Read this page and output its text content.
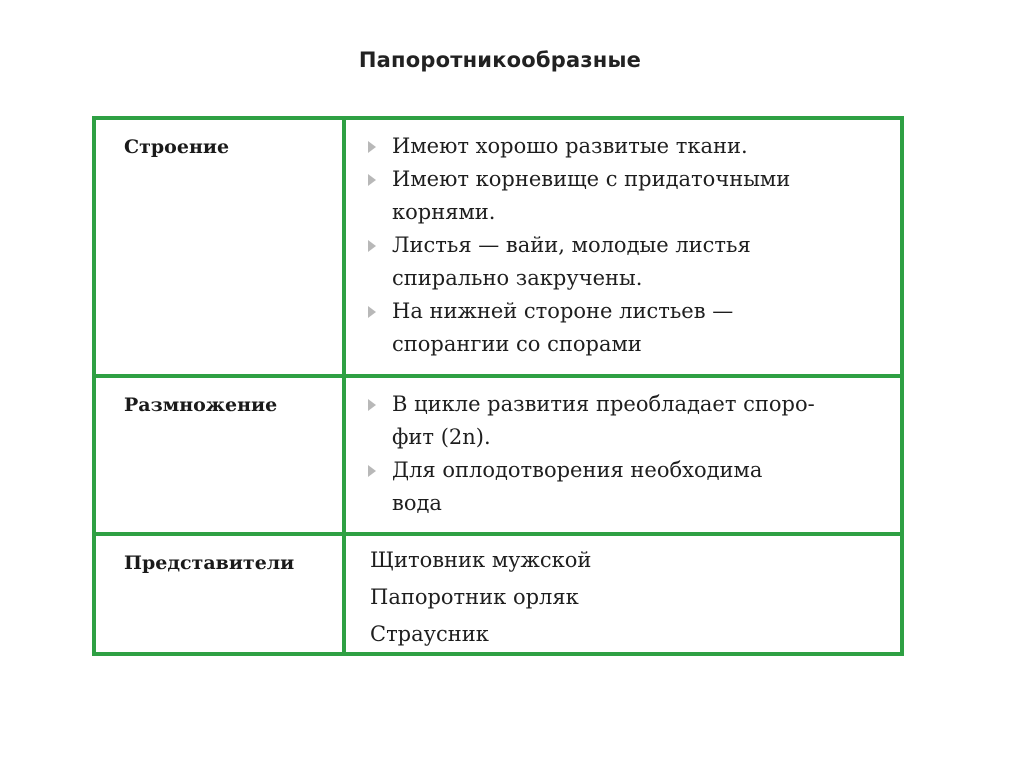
Папоротникообразные
Строение	Имеют хорошо развитые ткани.
Имеют корневище с придаточными
корнями.
Листья — вайи, молодые листья
спирально закручены.
На нижней стороне листьев —
спорангии со спорами
Размножение	В цикле развития преобладает споро-
фит (2n).
Для оплодотворения необходима
вода
Представители	Щитовник мужской
Папоротник орляк
Страусник
